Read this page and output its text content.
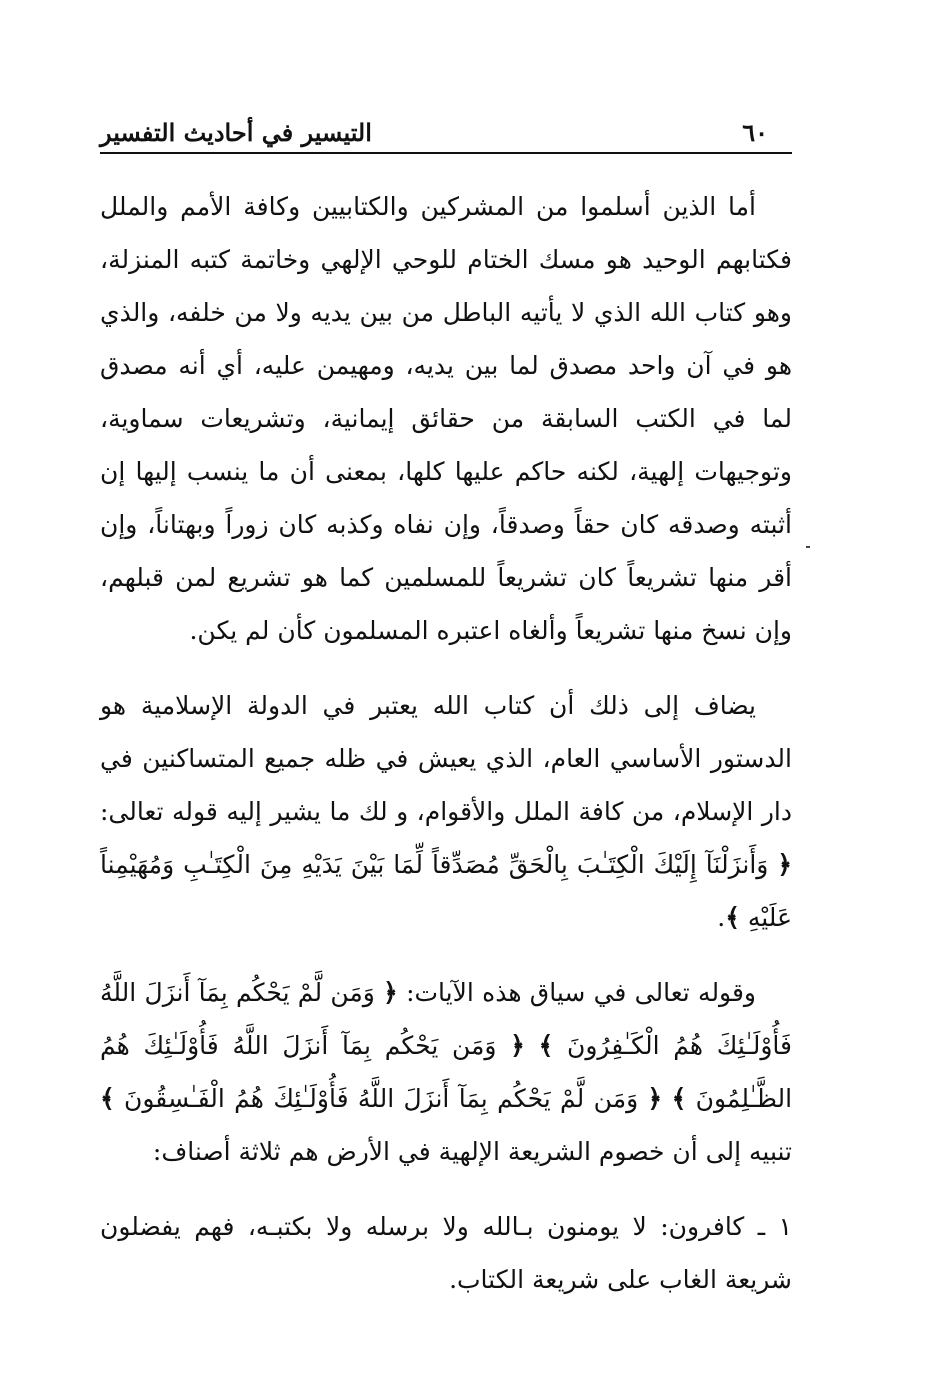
٦٠
التيسير في أحاديث التفسير

أما الذين أسلموا من المشركين والكتابيين وكافة الأمم والملل فكتابهم الوحيد هو مسك الختام للوحي الإلهي وخاتمة كتبه المنزلة، وهو كتاب الله الذي لا يأتيه الباطل من بين يديه ولا من خلفه، والذي هو في آن واحد مصدق لما بين يديه، ومهيمن عليه، أي أنه مصدق لما في الكتب السابقة من حقائق إيمانية، وتشريعات سماوية، وتوجيهات إلهية، لكنه حاكم عليها كلها، بمعنى أن ما ينسب إليها إن أثبته وصدقه كان حقاً وصدقاً، وإن نفاه وكذبه كان زوراً وبهتاناً، وإن أقر منها تشريعاً كان تشريعاً للمسلمين كما هو تشريع لمن قبلهم، وإن نسخ منها تشريعاً وألغاه اعتبره المسلمون كأن لم يكن.

يضاف إلى ذلك أن كتاب الله يعتبر في الدولة الإسلامية هو الدستور الأساسي العام، الذي يعيش في ظله جميع المتساكنين في دار الإسلام، من كافة الملل والأقوام، و لك ما يشير إليه قوله تعالى: ﴿ وَأَنزَلْنَآ إِلَيْكَ الْكِتَـٰبَ بِالْحَقِّ مُصَدِّقاً لِّمَا بَيْنَ يَدَيْهِ مِنَ الْكِتَـٰبِ وَمُهَيْمِناً عَلَيْهِ ﴾.

وقوله تعالى في سياق هذه الآيات: ﴿ وَمَن لَّمْ يَحْكُم بِمَآ أَنزَلَ اللَّهُ فَأُوْلَـٰئِكَ هُمُ الْكَـٰفِرُونَ ﴾ ﴿ وَمَن يَحْكُم بِمَآ أَنزَلَ اللَّهُ فَأُوْلَـٰئِكَ هُمُ الظَّـٰلِمُونَ ﴾ ﴿ وَمَن لَّمْ يَحْكُم بِمَآ أَنزَلَ اللَّهُ فَأُوْلَـٰئِكَ هُمُ الْفَـٰسِقُونَ ﴾ تنبيه إلى أن خصوم الشريعة الإلهية في الأرض هم ثلاثة أصناف:

١ ـ كافرون: لا يومنون بـالله ولا برسله ولا بكتبـه، فهم يفضلون شريعة الغاب على شريعة الكتاب.
